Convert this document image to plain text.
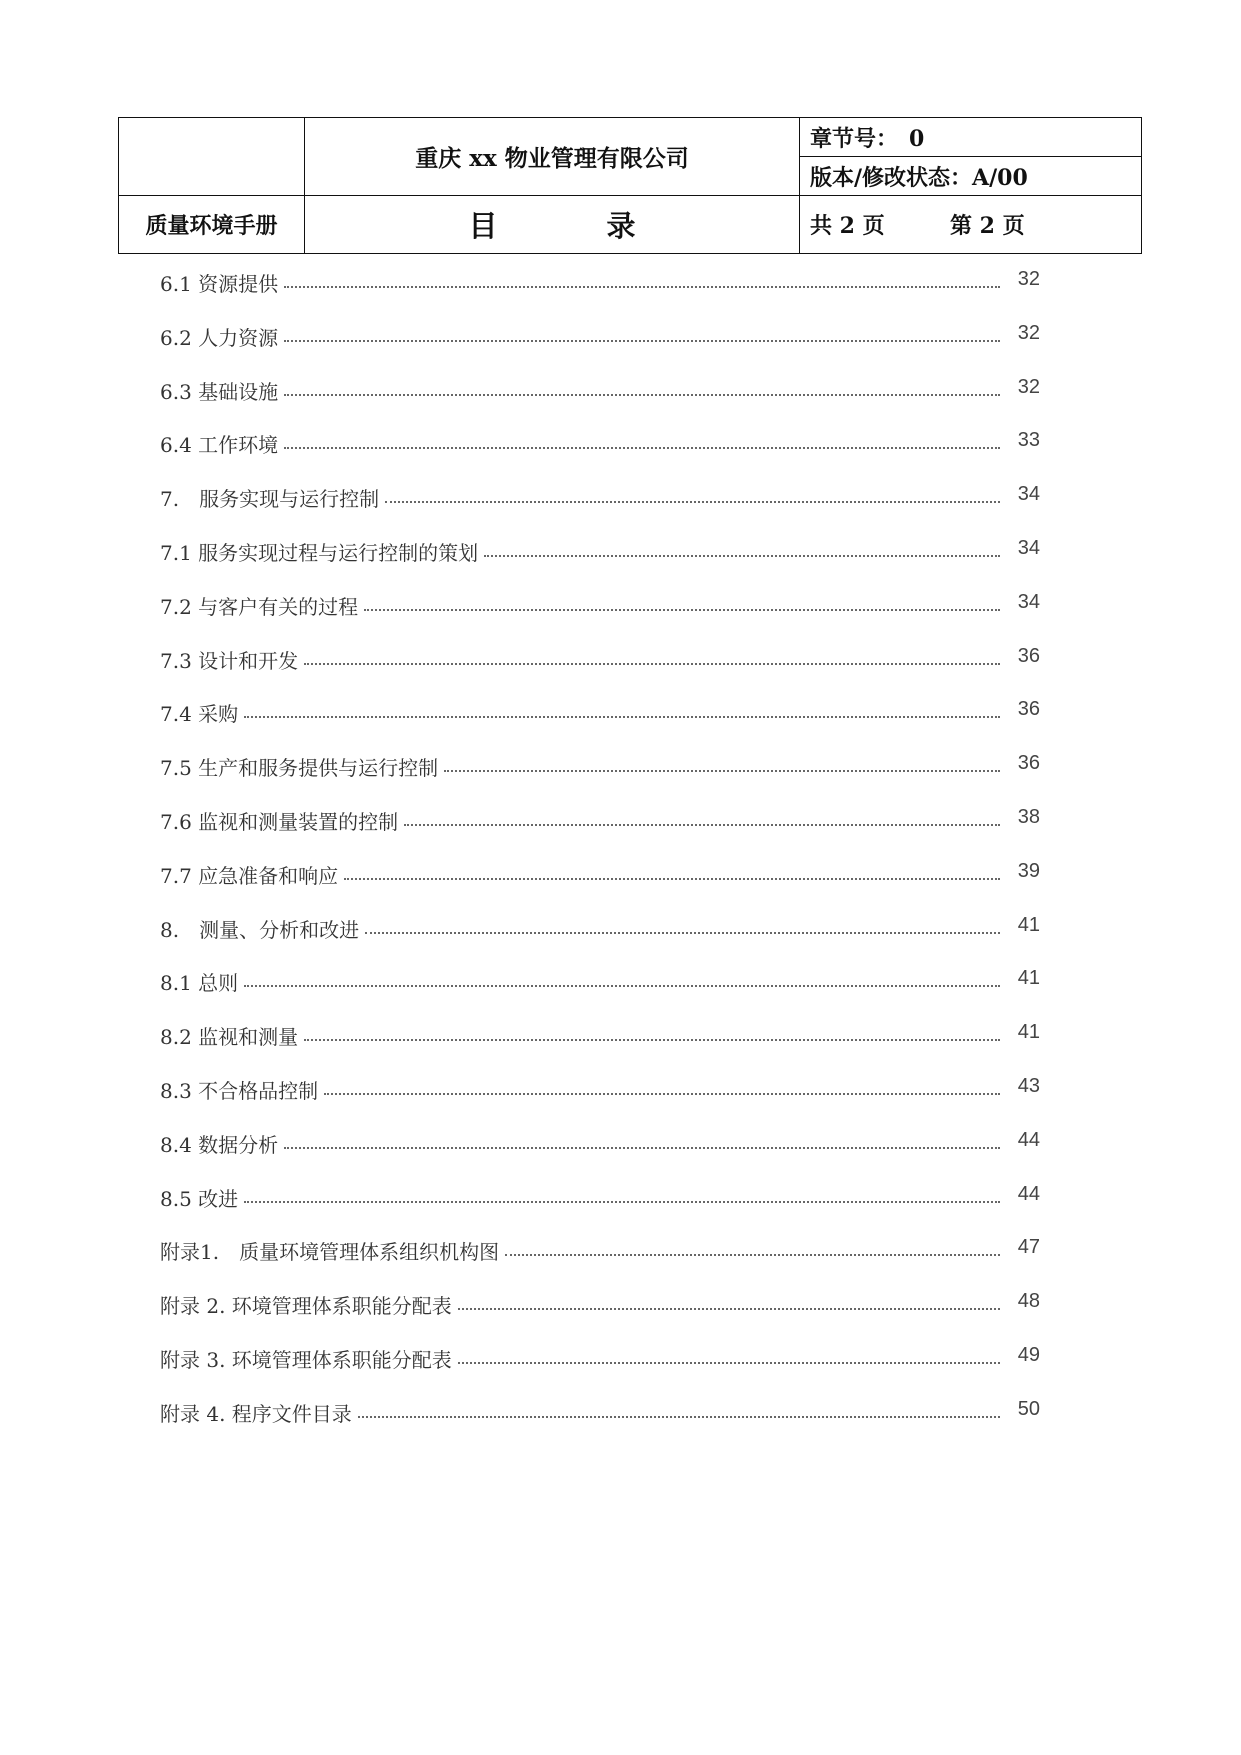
	重庆 xx 物业管理有限公司	章节号：　0
		版本/修改状态：A/00
质量环境手册	目　录	共 2 页 第 2 页
6.1 资源提供	32
6.2 人力资源	32
6.3 基础设施	32
6.4 工作环境	33
7.　服务实现与运行控制	34
7.1 服务实现过程与运行控制的策划	34
7.2 与客户有关的过程	34
7.3 设计和开发	36
7.4 采购	36
7.5 生产和服务提供与运行控制	36
7.6 监视和测量装置的控制	38
7.7 应急准备和响应	39
8.　测量、分析和改进	41
8.1 总则	41
8.2 监视和测量	41
8.3 不合格品控制	43
8.4 数据分析	44
8.5 改进	44
附录1.　质量环境管理体系组织机构图	47
附录 2. 环境管理体系职能分配表	48
附录 3. 环境管理体系职能分配表	49
附录 4. 程序文件目录	50
